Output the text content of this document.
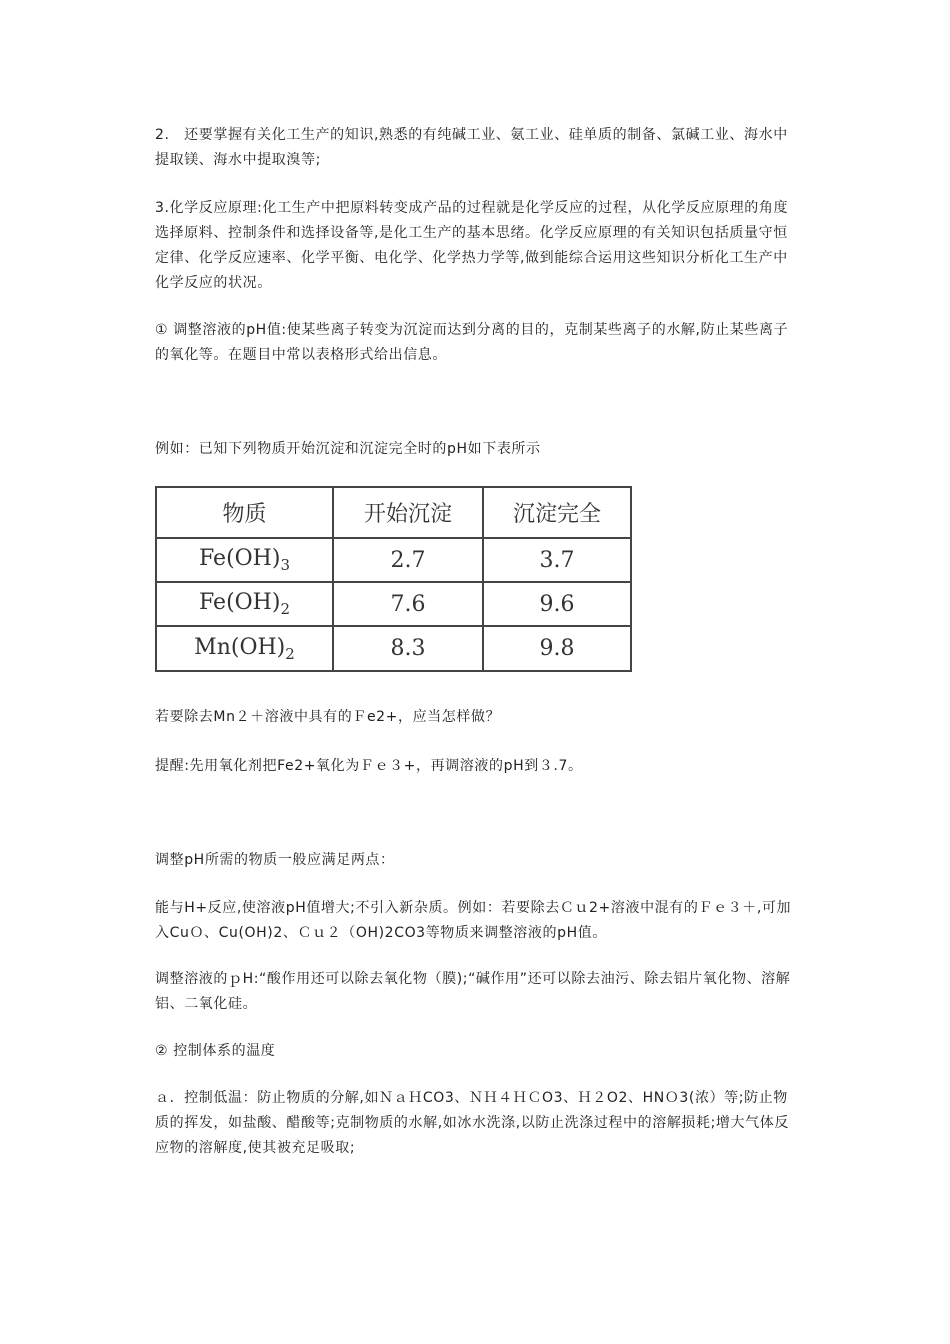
2.　还要掌握有关化工生产的知识,熟悉的有纯碱工业、氨工业、硅单质的制备、氯碱工业、海水中提取镁、海水中提取溴等;

3.化学反应原理:化工生产中把原料转变成产品的过程就是化学反应的过程，从化学反应原理的角度选择原料、控制条件和选择设备等,是化工生产的基本思绪。化学反应原理的有关知识包括质量守恒定律、化学反应速率、化学平衡、电化学、化学热力学等,做到能综合运用这些知识分析化工生产中化学反应的状况。

① 调整溶液的pH值:使某些离子转变为沉淀而达到分离的目的，克制某些离子的水解,防止某些离子的氧化等。在题目中常以表格形式给出信息。

例如：已知下列物质开始沉淀和沉淀完全时的pH如下表所示

物质	开始沉淀	沉淀完全
$Fe(OH)_3$	2.7	3.7
$Fe(OH)_2$	7.6	9.6
$Mn(OH)_2$	8.3	9.8

若要除去Mn２＋溶液中具有的Ｆe2+，应当怎样做？

提醒:先用氧化剂把Fe2+氧化为Ｆｅ３+，再调溶液的pH到３.7。

调整pH所需的物质一般应满足两点：

能与H+反应,使溶液pH值增大;不引入新杂质。例如：若要除去Ｃｕ2+溶液中混有的Ｆｅ３＋,可加入CuＯ、Cu(OH)2、Ｃｕ２（OH)2CO3等物质来调整溶液的pH值。

调整溶液的ｐH:“酸作用还可以除去氧化物（膜);“碱作用”还可以除去油污、除去铝片氧化物、溶解铝、二氧化硅。

② 控制体系的温度

ａ．控制低温：防止物质的分解,如ＮａＨCO3、ＮＨ４ＨＣO3、Ｈ２O2、HNＯ3(浓）等;防止物质的挥发，如盐酸、醋酸等;克制物质的水解,如冰水洗涤,以防止洗涤过程中的溶解损耗;增大气体反应物的溶解度,使其被充足吸取;
